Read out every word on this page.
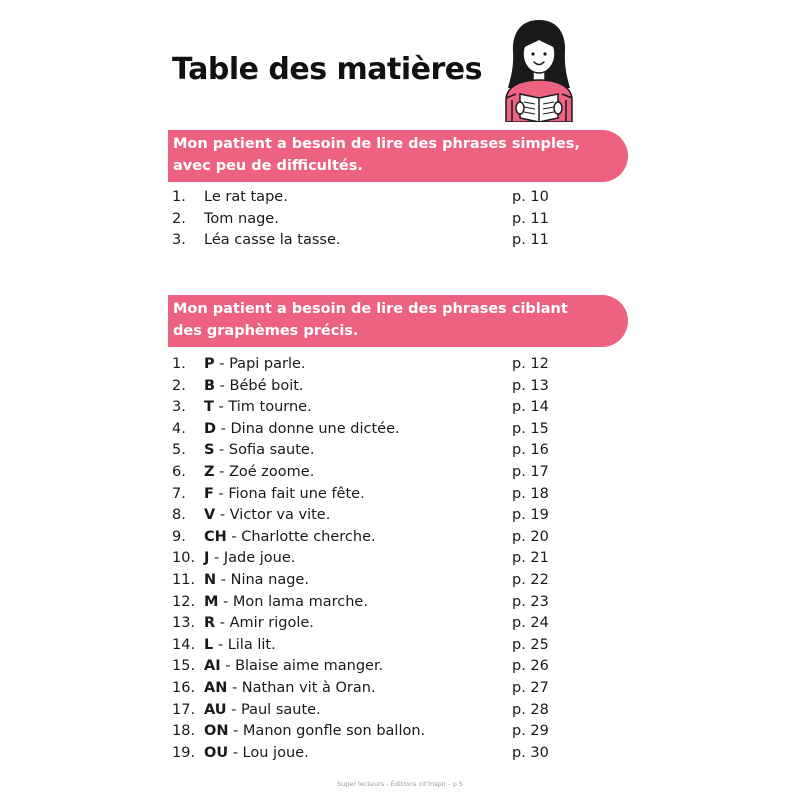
Table des matières
Mon patient a besoin de lire des phrases simples,
avec peu de difficultés.
1. Le rat tape.	p. 10
2. Tom nage.	p. 11
3. Léa casse la tasse.	p. 11
Mon patient a besoin de lire des phrases ciblant
des graphèmes précis.
1. P - Papi parle.	p. 12
2. B - Bébé boit.	p. 13
3. T - Tim tourne.	p. 14
4. D - Dina donne une dictée.	p. 15
5. S - Sofia saute.	p. 16
6. Z - Zoé zoome.	p. 17
7. F - Fiona fait une fête.	p. 18
8. V - Victor va vite.	p. 19
9. CH - Charlotte cherche.	p. 20
10. J - Jade joue.	p. 21
11. N - Nina nage.	p. 22
12. M - Mon lama marche.	p. 23
13. R - Amir rigole.	p. 24
14. L - Lila lit.	p. 25
15. AI - Blaise aime manger.	p. 26
16. AN - Nathan vit à Oran.	p. 27
17. AU - Paul saute.	p. 28
18. ON - Manon gonfle son ballon.	p. 29
19. OU - Lou joue.	p. 30
Super lecteurs - Éditions cit'inspir - p 5
